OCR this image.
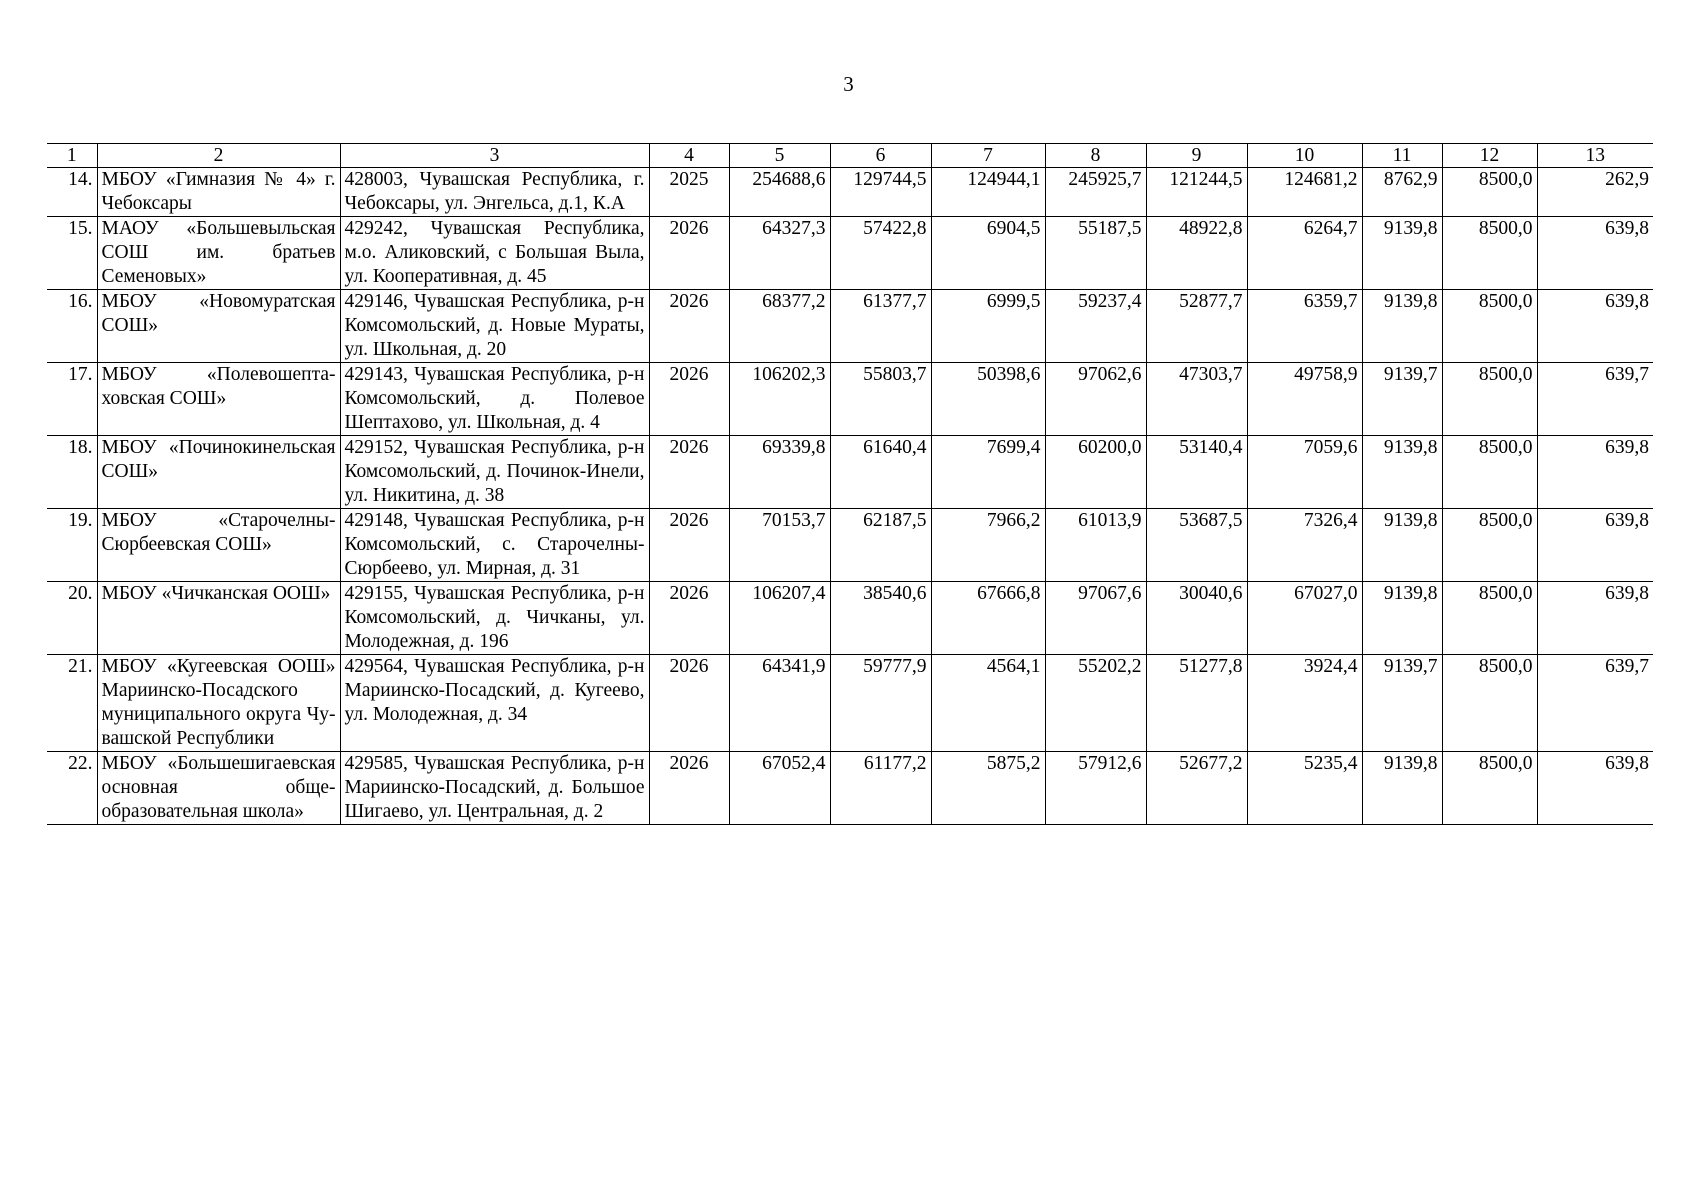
3
1	2	3	4	5	6	7	8	9	10	11	12	13
14.	МБОУ «Гимназия № 4» г. Чебоксары	428003, Чувашская Республика, г. Чебоксары, ул. Энгельса, д.1, К.А	2025	254688,6	129744,5	124944,1	245925,7	121244,5	124681,2	8762,9	8500,0	262,9
15.	МАОУ «Большевыльская СОШ им. братьев Семеновых»	429242, Чувашская Республика, м.о. Аликовский, с Большая Выла, ул. Кооперативная, д. 45	2026	64327,3	57422,8	6904,5	55187,5	48922,8	6264,7	9139,8	8500,0	639,8
16.	МБОУ «Новомуратская СОШ»	429146, Чувашская Республика, р-н Комсомольский, д. Новые Мураты, ул. Школьная, д. 20	2026	68377,2	61377,7	6999,5	59237,4	52877,7	6359,7	9139,8	8500,0	639,8
17.	МБОУ «Полевошептаховская СОШ»	429143, Чувашская Республика, р-н Комсомольский, д. Полевое Шептахово, ул. Школьная, д. 4	2026	106202,3	55803,7	50398,6	97062,6	47303,7	49758,9	9139,7	8500,0	639,7
18.	МБОУ «Починокинельская СОШ»	429152, Чувашская Республика, р-н Комсомольский, д. Починок-Инели, ул. Никитина, д. 38	2026	69339,8	61640,4	7699,4	60200,0	53140,4	7059,6	9139,8	8500,0	639,8
19.	МБОУ «Старочелны-Сюрбеевская СОШ»	429148, Чувашская Республика, р-н Комсомольский, с. Старочелны-Сюрбеево, ул. Мирная, д. 31	2026	70153,7	62187,5	7966,2	61013,9	53687,5	7326,4	9139,8	8500,0	639,8
20.	МБОУ «Чичканская ООШ»	429155, Чувашская Республика, р-н Комсомольский, д. Чичканы, ул. Молодежная, д. 196	2026	106207,4	38540,6	67666,8	97067,6	30040,6	67027,0	9139,8	8500,0	639,8
21.	МБОУ «Кугеевская ООШ» Мариинско-Посадского муниципального округа Чувашской Республики	429564, Чувашская Республика, р-н Мариинско-Посадский, д. Кугеево, ул. Молодежная, д. 34	2026	64341,9	59777,9	4564,1	55202,2	51277,8	3924,4	9139,7	8500,0	639,7
22.	МБОУ «Большешигаевская основная общеобразовательная школа»	429585, Чувашская Республика, р-н Мариинско-Посадский, д. Большое Шигаево, ул. Центральная, д. 2	2026	67052,4	61177,2	5875,2	57912,6	52677,2	5235,4	9139,8	8500,0	639,8
